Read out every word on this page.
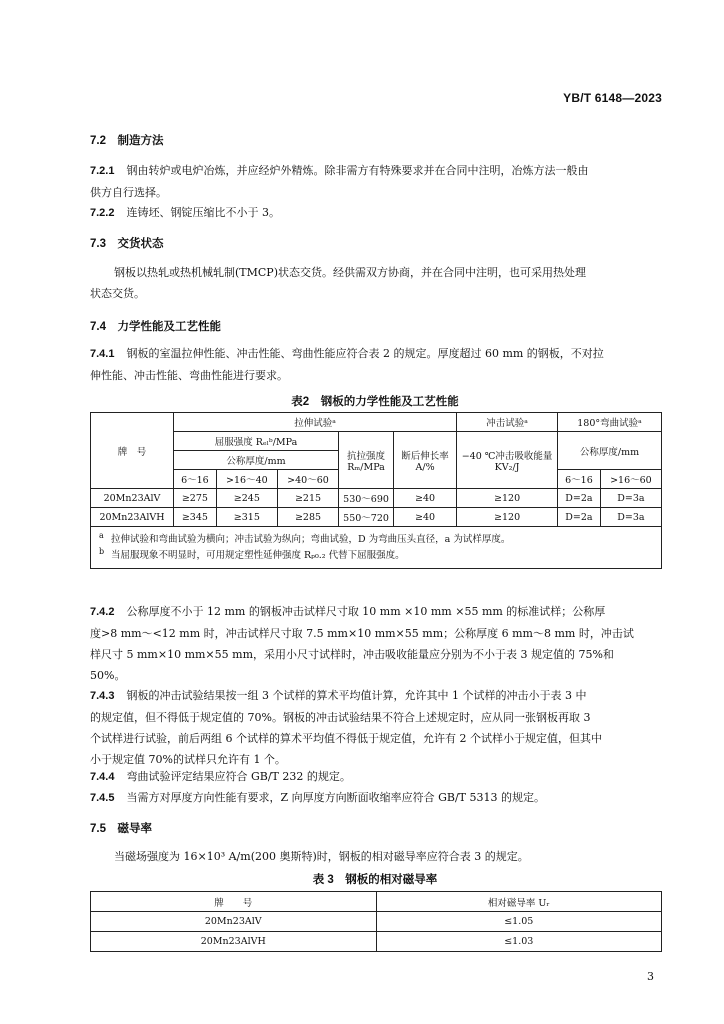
YB/T 6148—2023
7.2　制造方法
7.2.1 钢由转炉或电炉冶炼，并应经炉外精炼。除非需方有特殊要求并在合同中注明，冶炼方法一般由
供方自行选择。
7.2.2 连铸坯、钢锭压缩比不小于 3。
7.3　交货状态
钢板以热轧或热机械轧制(TMCP)状态交货。经供需双方协商，并在合同中注明，也可采用热处理
状态交货。
7.4　力学性能及工艺性能
7.4.1 钢板的室温拉伸性能、冲击性能、弯曲性能应符合表 2 的规定。厚度超过 60 mm 的钢板，不对拉
伸性能、冲击性能、弯曲性能进行要求。
表2　钢板的力学性能及工艺性能
牌　号	拉伸试验ᵃ					冲击试验ᵃ	180°弯曲试验ᵃ	
	屈服强度 Rₑₗᵇ/MPa			抗拉强度 Rₘ/MPa	断后伸长率 A/%	−40 ℃冲击吸收能量 KV₂/J	公称厚度/mm	
	公称厚度/mm							
	6～16	>16～40	>40～60				6～16	>16～60
20Mn23AlV	≥275	≥245	≥215	530～690	≥40	≥120	D=2a	D=3a
20Mn23AlVH	≥345	≥315	≥285	550～720	≥40	≥120	D=2a	D=3a

a 拉伸试验和弯曲试验为横向；冲击试验为纵向；弯曲试验，D 为弯曲压头直径，a 为试样厚度。
b 当屈服现象不明显时，可用规定塑性延伸强度 Rₚ₀.₂ 代替下屈服强度。								
7.4.2 公称厚度不小于 12 mm 的钢板冲击试样尺寸取 10 mm ×10 mm ×55 mm 的标准试样；公称厚
度>8 mm～<12 mm 时，冲击试样尺寸取 7.5 mm×10 mm×55 mm；公称厚度 6 mm～8 mm 时，冲击试
样尺寸 5 mm×10 mm×55 mm，采用小尺寸试样时，冲击吸收能量应分别为不小于表 3 规定值的 75%和
50%。
7.4.3 钢板的冲击试验结果按一组 3 个试样的算术平均值计算，允许其中 1 个试样的冲击小于表 3 中
的规定值，但不得低于规定值的 70%。钢板的冲击试验结果不符合上述规定时，应从同一张钢板再取 3
个试样进行试验，前后两组 6 个试样的算术平均值不得低于规定值，允许有 2 个试样小于规定值，但其中
小于规定值 70%的试样只允许有 1 个。
7.4.4 弯曲试验评定结果应符合 GB/T 232 的规定。
7.4.5 当需方对厚度方向性能有要求，Z 向厚度方向断面收缩率应符合 GB/T 5313 的规定。
7.5　磁导率
当磁场强度为 16×10³ A/m(200 奥斯特)时，钢板的相对磁导率应符合表 3 的规定。
表 3　钢板的相对磁导率
牌　　号	相对磁导率 Uᵣ
20Mn23AlV	≤1.05
20Mn23AlVH	≤1.03
3
